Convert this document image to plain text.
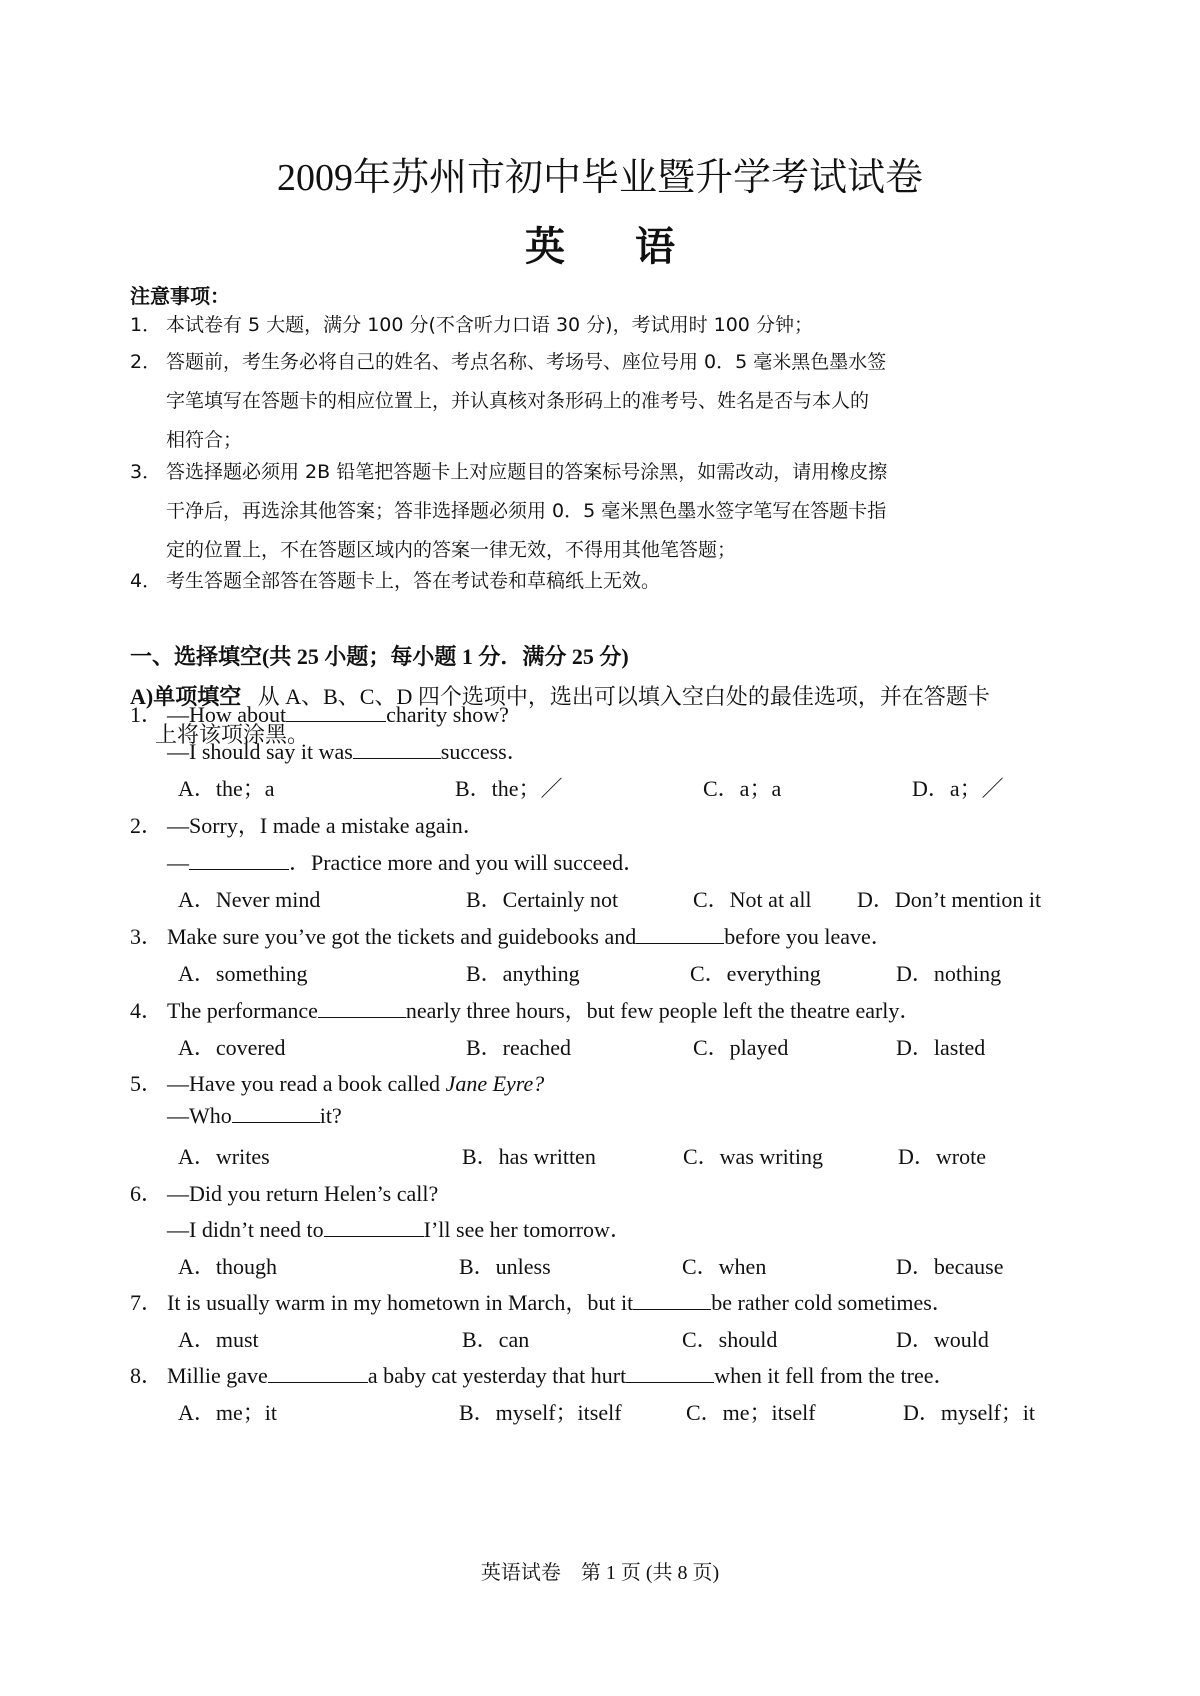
2009年苏州市初中毕业暨升学考试试卷
英 语
注意事项：
1． 本试卷有 5 大题，满分 100 分(不含听力口语 30 分)，考试用时 100 分钟；
2． 答题前，考生务必将自己的姓名、考点名称、考场号、座位号用 0．5 毫米黑色墨水签
字笔填写在答题卡的相应位置上，并认真核对条形码上的准考号、姓名是否与本人的
相符合；
3． 答选择题必须用 2B 铅笔把答题卡上对应题目的答案标号涂黑，如需改动，请用橡皮擦
干净后，再选涂其他答案；答非选择题必须用 0．5 毫米黑色墨水签字笔写在答题卡指
定的位置上，不在答题区域内的答案一律无效，不得用其他笔答题；
4． 考生答题全部答在答题卡上，答在考试卷和草稿纸上无效。
一、选择填空(共 25 小题；每小题 1 分．满分 25 分)
A)单项填空 从 A、B、C、D 四个选项中，选出可以填入空白处的最佳选项，并在答题卡
上将该项涂黑。
1． —How about	charity show?
—I should say it was	success．
A．the；a	B．the；／	C．a；a	D．a；／
2． —Sorry，I made a mistake again．
—	．Practice more and you will succeed．
A．Never mind	B．Certainly not	C．Not at all D．Don’t mention it
3． Make sure you’ve got the tickets and guidebooks and	before you leave．
A．something	B．anything	C．everything	D．nothing
4． The performance	nearly three hours，but few people left the theatre early．
A．covered	B．reached	C．played	D．lasted
5． —Have you read a book called Jane Eyre?
—Who	it?
A．writes	B．has written	C．was writing	D．wrote
6． —Did you return Helen’s call?
—I didn’t need to	I’ll see her tomorrow．
A．though	B．unless	C．when	D．because
7． It is usually warm in my hometown in March，but it	be rather cold sometimes．
A．must	B．can	C．should	D．would
8． Millie gave	a baby cat yesterday that hurt	when it fell from the tree．
A．me；it	B．myself；itself	C．me；itself	D．myself；it
英语试卷　第 1 页 (共 8 页)
